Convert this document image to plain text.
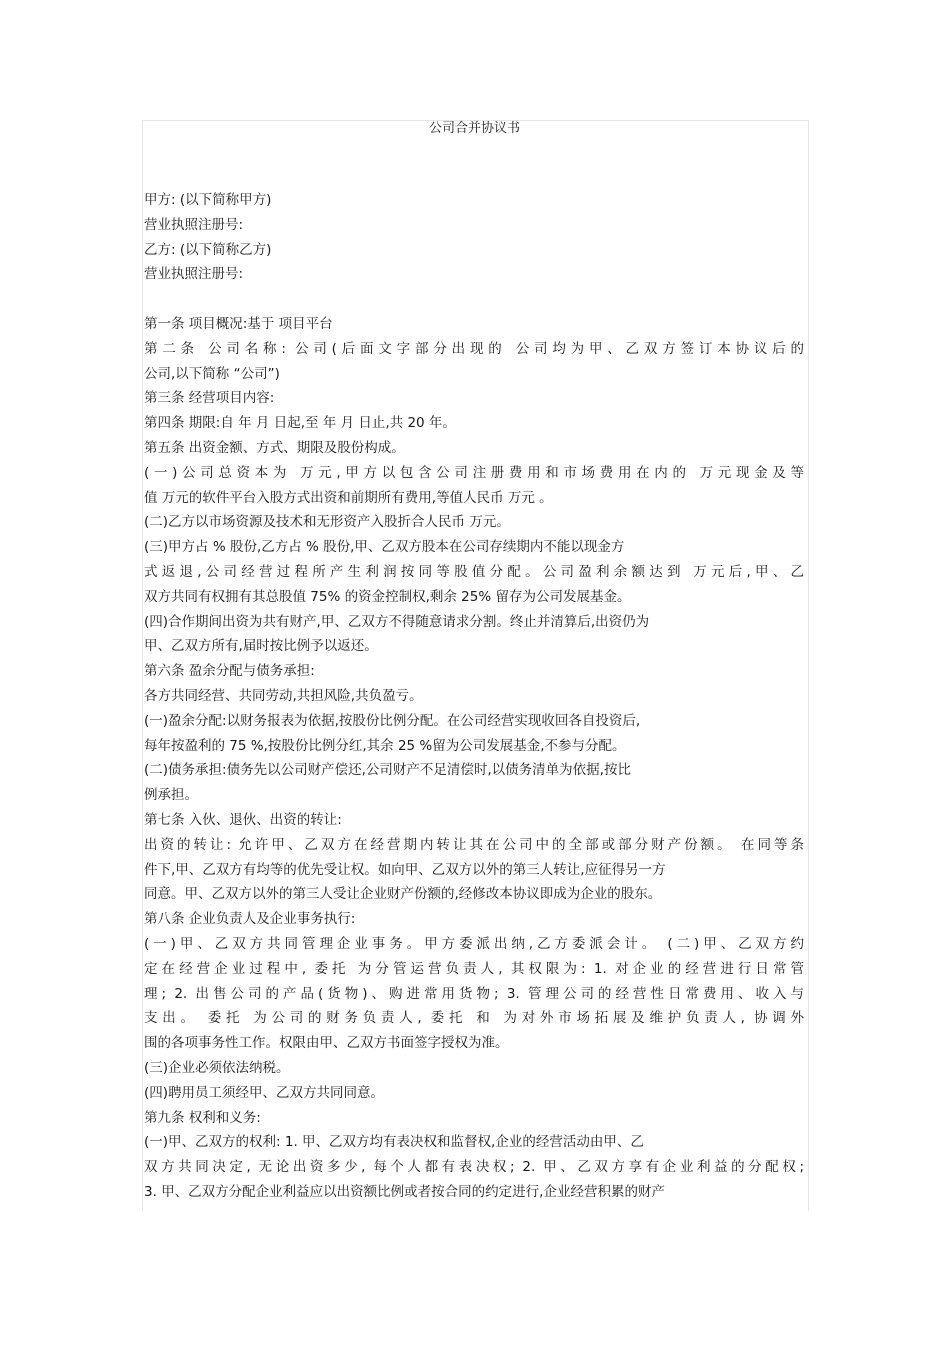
公司合并协议书
甲方: (以下简称甲方)
营业执照注册号:
乙方: (以下简称乙方)
营业执照注册号:
第一条 项目概况:基于 项目平台
第二条 公司名称: 公司(后面文字部分出现的 公司均为甲、乙双方签订本协议后的
公司,以下简称 “公司”)
第三条 经营项目内容:
第四条 期限:自 年 月 日起,至 年 月 日止,共 20 年。
第五条 出资金额、方式、期限及股份构成。
(一)公司总资本为 万元,甲方以包含公司注册费用和市场费用在内的 万元现金及等
值 万元的软件平台入股方式出资和前期所有费用,等值人民币 万元 。
(二)乙方以市场资源及技术和无形资产入股折合人民币 万元。
(三)甲方占 % 股份,乙方占 % 股份,甲、乙双方股本在公司存续期内不能以现金方
式返退,公司经营过程所产生利润按同等股值分配。公司盈利余额达到 万元后,甲、乙
双方共同有权拥有其总股值 75% 的资金控制权,剩余 25% 留存为公司发展基金。
(四)合作期间出资为共有财产,甲、乙双方不得随意请求分割。终止并清算后,出资仍为
甲、乙双方所有,届时按比例予以返还。
第六条 盈余分配与债务承担:
各方共同经营、共同劳动,共担风险,共负盈亏。
(一)盈余分配:以财务报表为依据,按股份比例分配。在公司经营实现收回各自投资后,
每年按盈利的 75 %,按股份比例分红,其余 25 %留为公司发展基金,不参与分配。
(二)债务承担:债务先以公司财产偿还,公司财产不足清偿时,以债务清单为依据,按比
例承担。
第七条 入伙、退伙、出资的转让:
出资的转让: 允许甲、乙双方在经营期内转让其在公司中的全部或部分财产份额。 在同等条
件下,甲、乙双方有均等的优先受让权。如向甲、乙双方以外的第三人转让,应征得另一方
同意。甲、乙双方以外的第三人受让企业财产份额的,经修改本协议即成为企业的股东。
第八条 企业负责人及企业事务执行:
(一)甲、乙双方共同管理企业事务。甲方委派出纳,乙方委派会计。 (二)甲、乙双方约
定在经营企业过程中, 委托 为分管运营负责人, 其权限为: 1. 对企业的经营进行日常管
理; 2. 出售公司的产品(货物)、购进常用货物; 3. 管理公司的经营性日常费用、收入与
支出。 委托 为公司的财务负责人, 委托 和 为对外市场拓展及维护负责人, 协调外
围的各项事务性工作。权限由甲、乙双方书面签字授权为准。
(三)企业必须依法纳税。
(四)聘用员工须经甲、乙双方共同同意。
第九条 权利和义务:
(一)甲、乙双方的权利: 1. 甲、乙双方均有表决权和监督权,企业的经营活动由甲、乙
双方共同决定, 无论出资多少, 每个人都有表决权; 2. 甲、乙双方享有企业利益的分配权;
3. 甲、乙双方分配企业利益应以出资额比例或者按合同的约定进行,企业经营积累的财产
